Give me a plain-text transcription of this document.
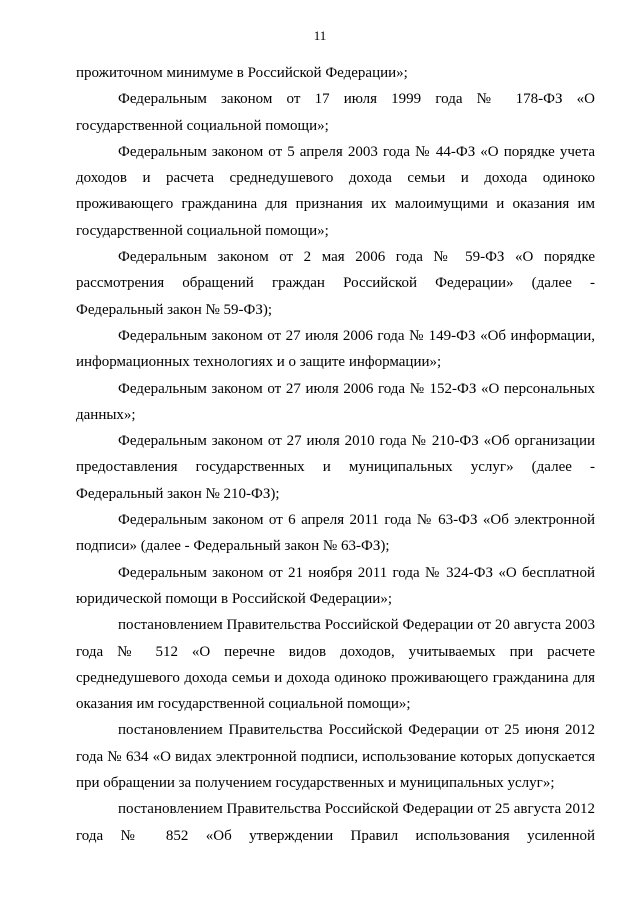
11

прожиточном минимуме в Российской Федерации»;

Федеральным законом от 17 июля 1999 года № 178-ФЗ «О государственной социальной помощи»;

Федеральным законом от 5 апреля 2003 года № 44-ФЗ «О порядке учета доходов и расчета среднедушевого дохода семьи и дохода одиноко проживающего гражданина для признания их малоимущими и оказания им государственной социальной помощи»;

Федеральным законом от 2 мая 2006 года № 59-ФЗ «О порядке рассмотрения обращений граждан Российской Федерации» (далее - Федеральный закон № 59-ФЗ);

Федеральным законом от 27 июля 2006 года № 149-ФЗ «Об информации, информационных технологиях и о защите информации»;

Федеральным законом от 27 июля 2006 года № 152-ФЗ «О персональных данных»;

Федеральным законом от 27 июля 2010 года № 210-ФЗ «Об организации предоставления государственных и муниципальных услуг» (далее - Федеральный закон № 210-ФЗ);

Федеральным законом от 6 апреля 2011 года № 63-ФЗ «Об электронной подписи» (далее - Федеральный закон № 63-ФЗ);

Федеральным законом от 21 ноября 2011 года № 324-ФЗ «О бесплатной юридической помощи в Российской Федерации»;

постановлением Правительства Российской Федерации от 20 августа 2003 года № 512 «О перечне видов доходов, учитываемых при расчете среднедушевого дохода семьи и дохода одиноко проживающего гражданина для оказания им государственной социальной помощи»;

постановлением Правительства Российской Федерации от 25 июня 2012 года № 634 «О видах электронной подписи, использование которых допускается при обращении за получением государственных и муниципальных услуг»;

постановлением Правительства Российской Федерации от 25 августа 2012 года № 852 «Об утверждении Правил использования усиленной
